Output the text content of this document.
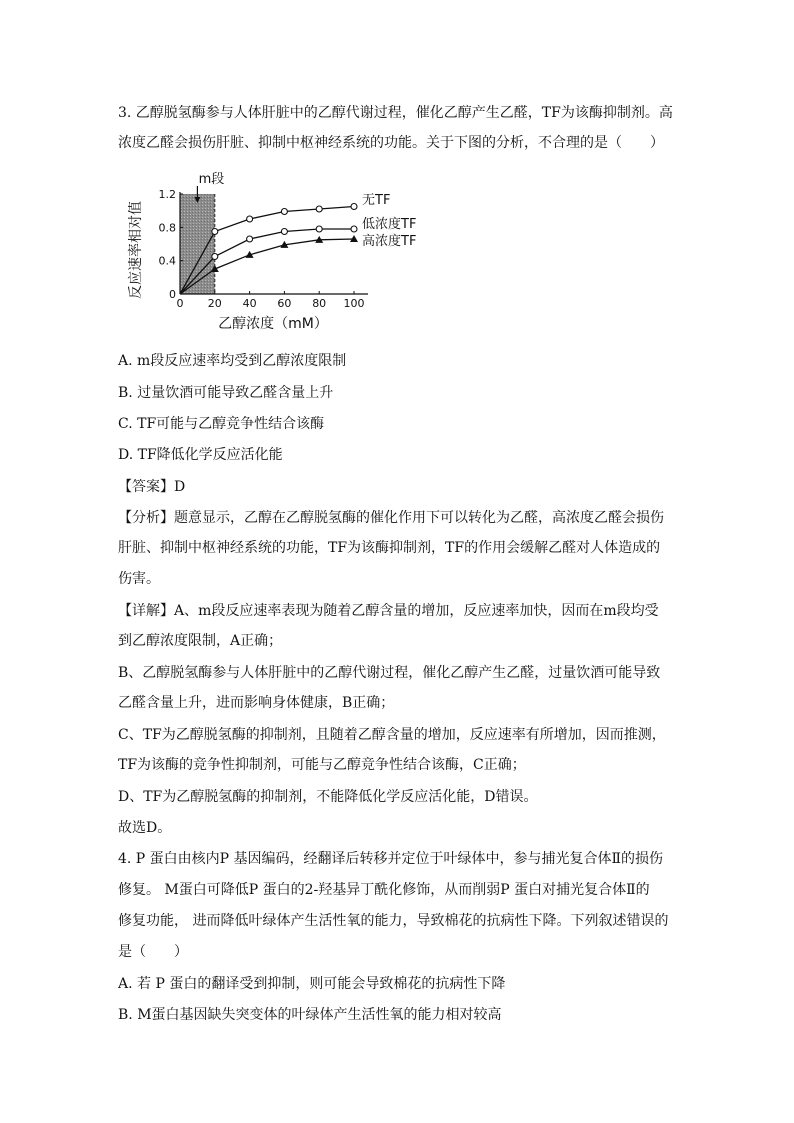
3. 乙醇脱氢酶参与人体肝脏中的乙醇代谢过程，催化乙醇产生乙醛，TF为该酶抑制剂。高
浓度乙醛会损伤肝脏、抑制中枢神经系统的功能。关于下图的分析，不合理的是（　　）
m段
0
0.4
0.8
1.2
0 20 40 60 80 100
乙醇浓度（mM）
反应速率相对值
无TF
低浓度TF
高浓度TF
A. m段反应速率均受到乙醇浓度限制
B. 过量饮酒可能导致乙醛含量上升
C. TF可能与乙醇竞争性结合该酶
D. TF降低化学反应活化能
【答案】D
【分析】题意显示，乙醇在乙醇脱氢酶的催化作用下可以转化为乙醛，高浓度乙醛会损伤
肝脏、抑制中枢神经系统的功能，TF为该酶抑制剂，TF的作用会缓解乙醛对人体造成的
伤害。
【详解】A、m段反应速率表现为随着乙醇含量的增加，反应速率加快，因而在m段均受
到乙醇浓度限制，A正确；
B、乙醇脱氢酶参与人体肝脏中的乙醇代谢过程，催化乙醇产生乙醛，过量饮酒可能导致
乙醛含量上升，进而影响身体健康，B正确；
C、TF为乙醇脱氢酶的抑制剂，且随着乙醇含量的增加，反应速率有所增加，因而推测，
TF为该酶的竞争性抑制剂，可能与乙醇竞争性结合该酶，C正确；
D、TF为乙醇脱氢酶的抑制剂，不能降低化学反应活化能，D错误。
故选D。
4. P 蛋白由核内P 基因编码，经翻译后转移并定位于叶绿体中，参与捕光复合体Ⅱ的损伤
修复。 M蛋白可降低P 蛋白的2-羟基异丁酰化修饰，从而削弱P 蛋白对捕光复合体Ⅱ的
修复功能， 进而降低叶绿体产生活性氧的能力，导致棉花的抗病性下降。下列叙述错误的
是（　　）
A. 若 P 蛋白的翻译受到抑制，则可能会导致棉花的抗病性下降
B. M蛋白基因缺失突变体的叶绿体产生活性氧的能力相对较高
